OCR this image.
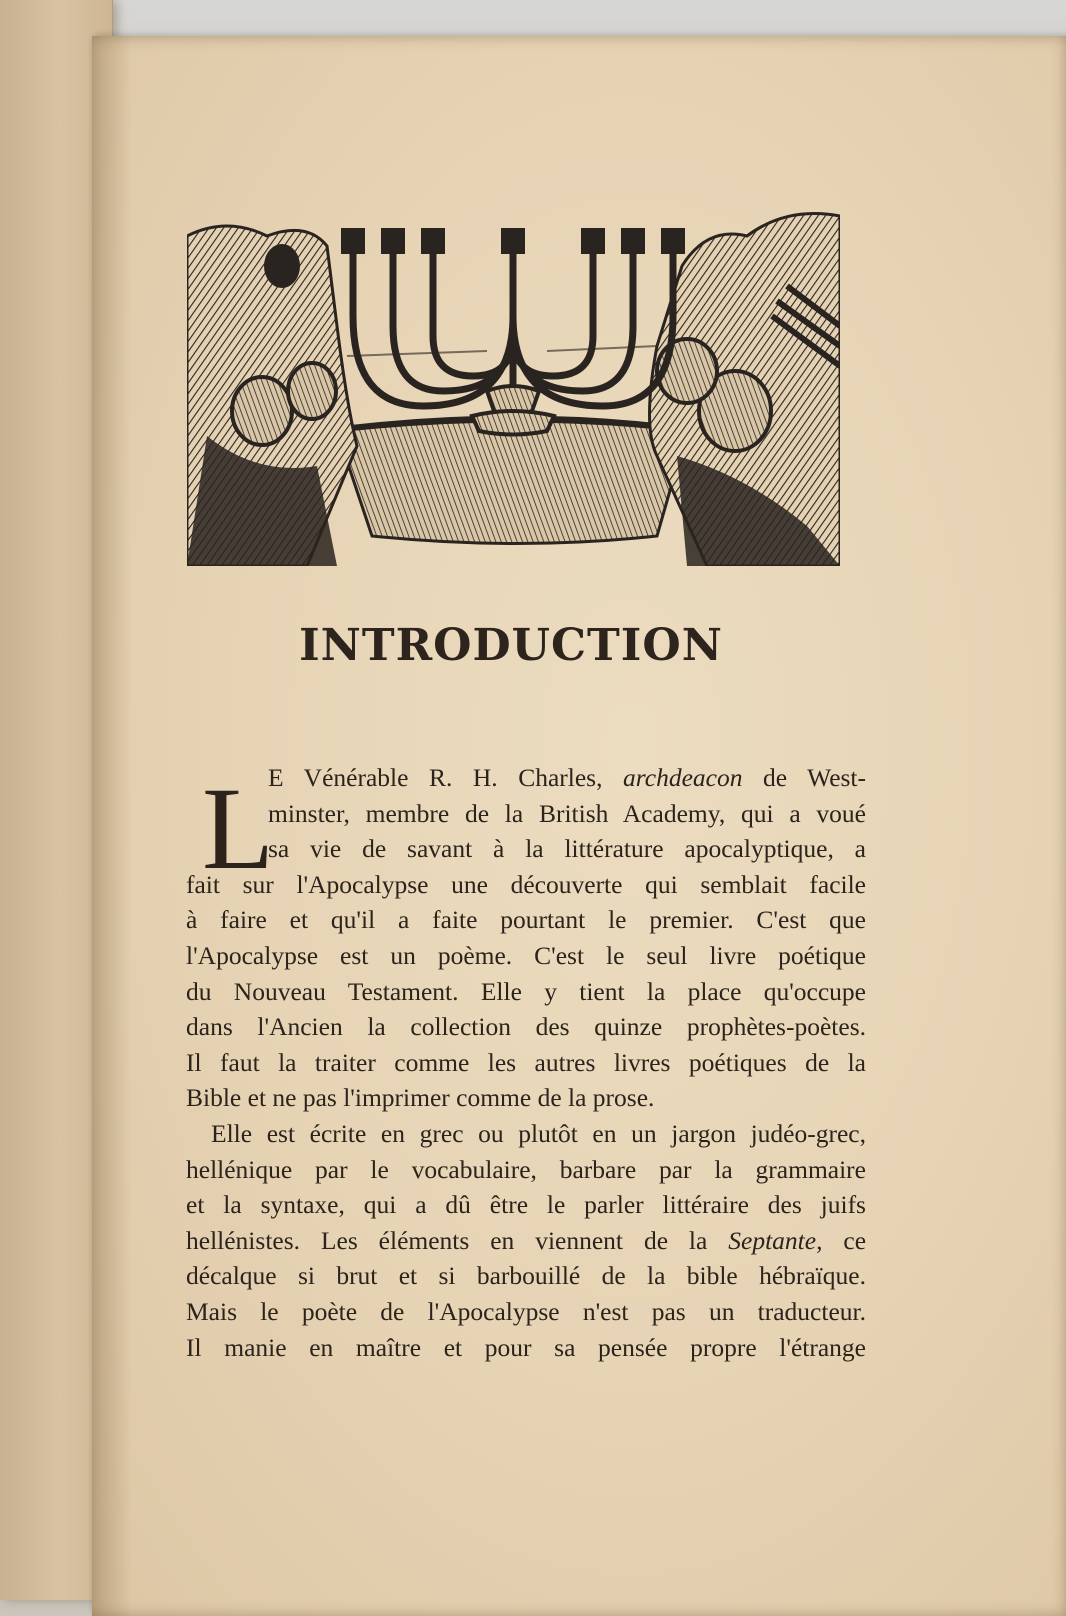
INTRODUCTION
L
E Vénérable R. H. Charles, archdeacon de West-
minster, membre de la British Academy, qui a voué
sa vie de savant à la littérature apocalyptique, a
fait sur l'Apocalypse une découverte qui semblait facile
à faire et qu'il a faite pourtant le premier. C'est que
l'Apocalypse est un poème. C'est le seul livre poétique
du Nouveau Testament. Elle y tient la place qu'occupe
dans l'Ancien la collection des quinze prophètes-poètes.
Il faut la traiter comme les autres livres poétiques de la
Bible et ne pas l'imprimer comme de la prose.
Elle est écrite en grec ou plutôt en un jargon judéo-grec,
hellénique par le vocabulaire, barbare par la grammaire
et la syntaxe, qui a dû être le parler littéraire des juifs
hellénistes. Les éléments en viennent de la Septante, ce
décalque si brut et si barbouillé de la bible hébraïque.
Mais le poète de l'Apocalypse n'est pas un traducteur.
Il manie en maître et pour sa pensée propre l'étrange
